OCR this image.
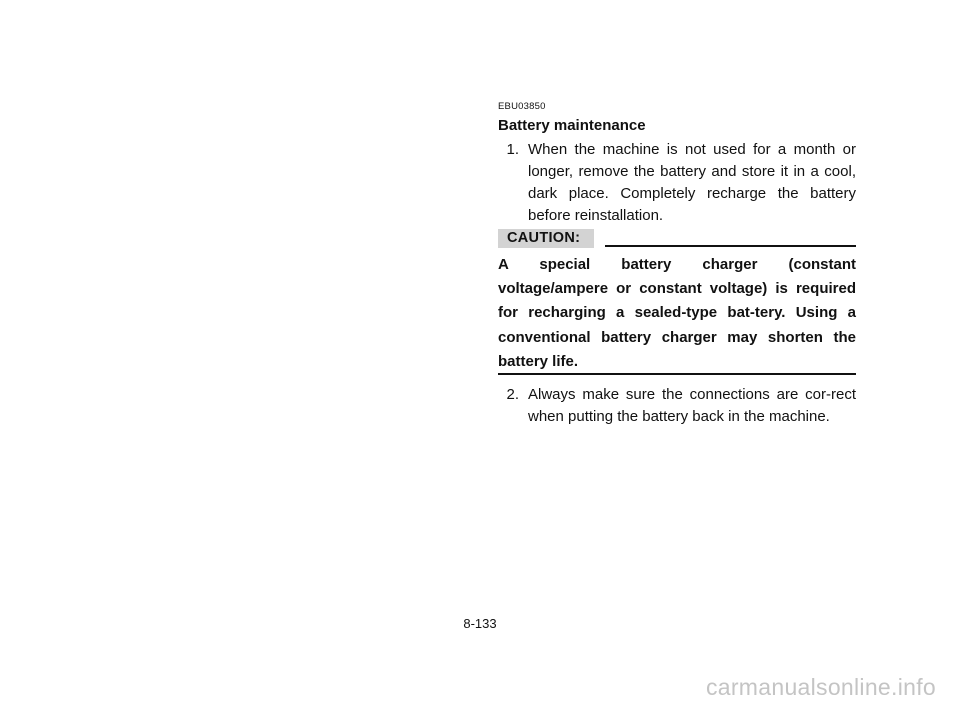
EBU03850
Battery maintenance
1. When the machine is not used for a month or longer, remove the battery and store it in a cool, dark place. Completely recharge the battery before reinstallation.
CAUTION:
A special battery charger (constant voltage/ampere or constant voltage) is required for recharging a sealed-type bat-tery. Using a conventional battery charger may shorten the battery life.
2. Always make sure the connections are cor-rect when putting the battery back in the machine.
8-133
carmanualsonline.info
